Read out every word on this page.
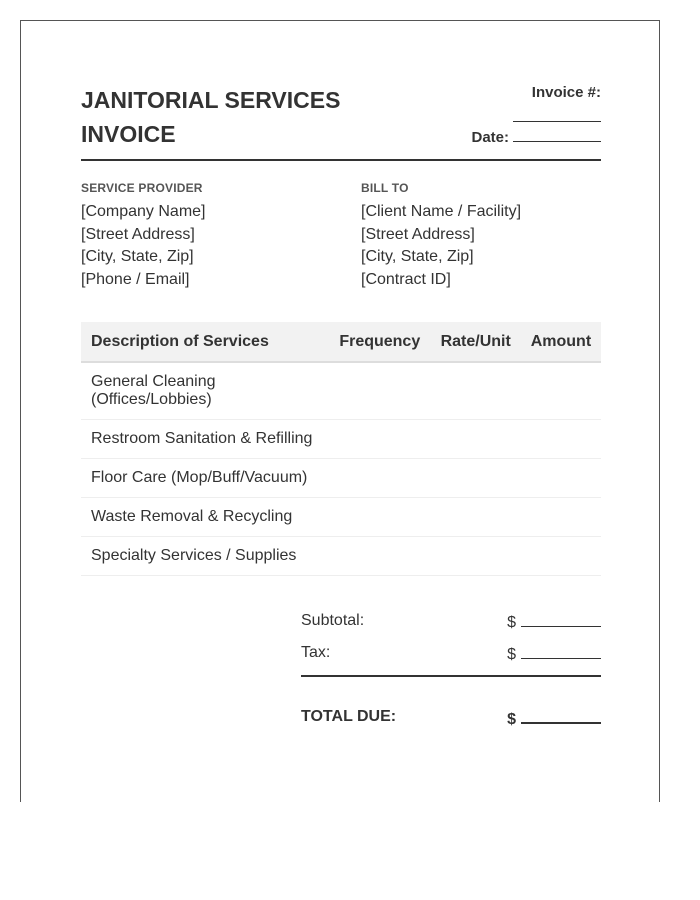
JANITORIAL SERVICES
INVOICE
Invoice #:
Date:
SERVICE PROVIDER
[Company Name]
[Street Address]
[City, State, Zip]
[Phone / Email]
BILL TO
[Client Name / Facility]
[Street Address]
[City, State, Zip]
[Contract ID]
Description of Services	Frequency	Rate/Unit	Amount
General Cleaning
(Offices/Lobbies)			
Restroom Sanitation & Refilling			
Floor Care (Mop/Buff/Vacuum)			
Waste Removal & Recycling			
Specialty Services / Supplies			
Subtotal:	$
Tax:	$
TOTAL DUE:	$
